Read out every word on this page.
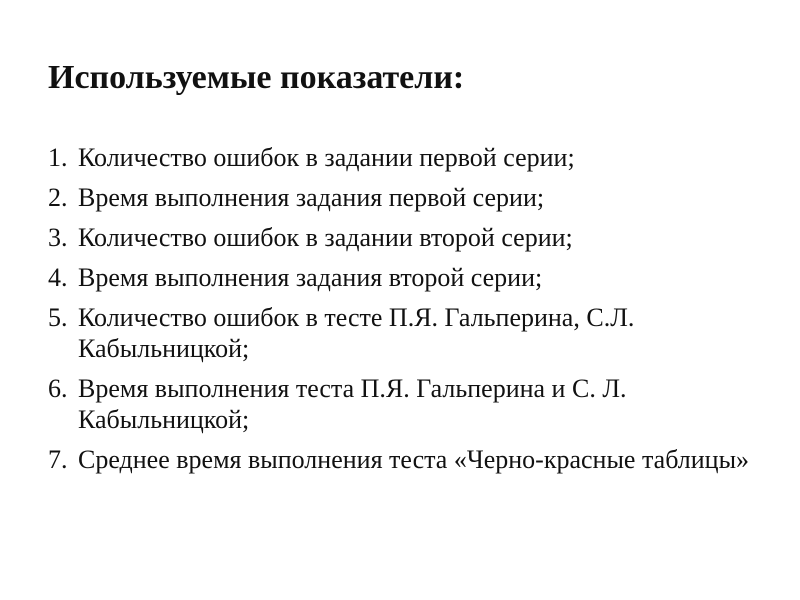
Используемые показатели:
1. Количество ошибок в задании первой серии;
2. Время выполнения задания первой серии;
3. Количество ошибок в задании второй серии;
4. Время выполнения задания второй серии;
5. Количество ошибок в тесте П.Я. Гальперина, С.Л. Кабыльницкой;
6. Время выполнения теста П.Я. Гальперина и С. Л. Кабыльницкой;
7. Среднее время выполнения теста «Черно-красные таблицы»
